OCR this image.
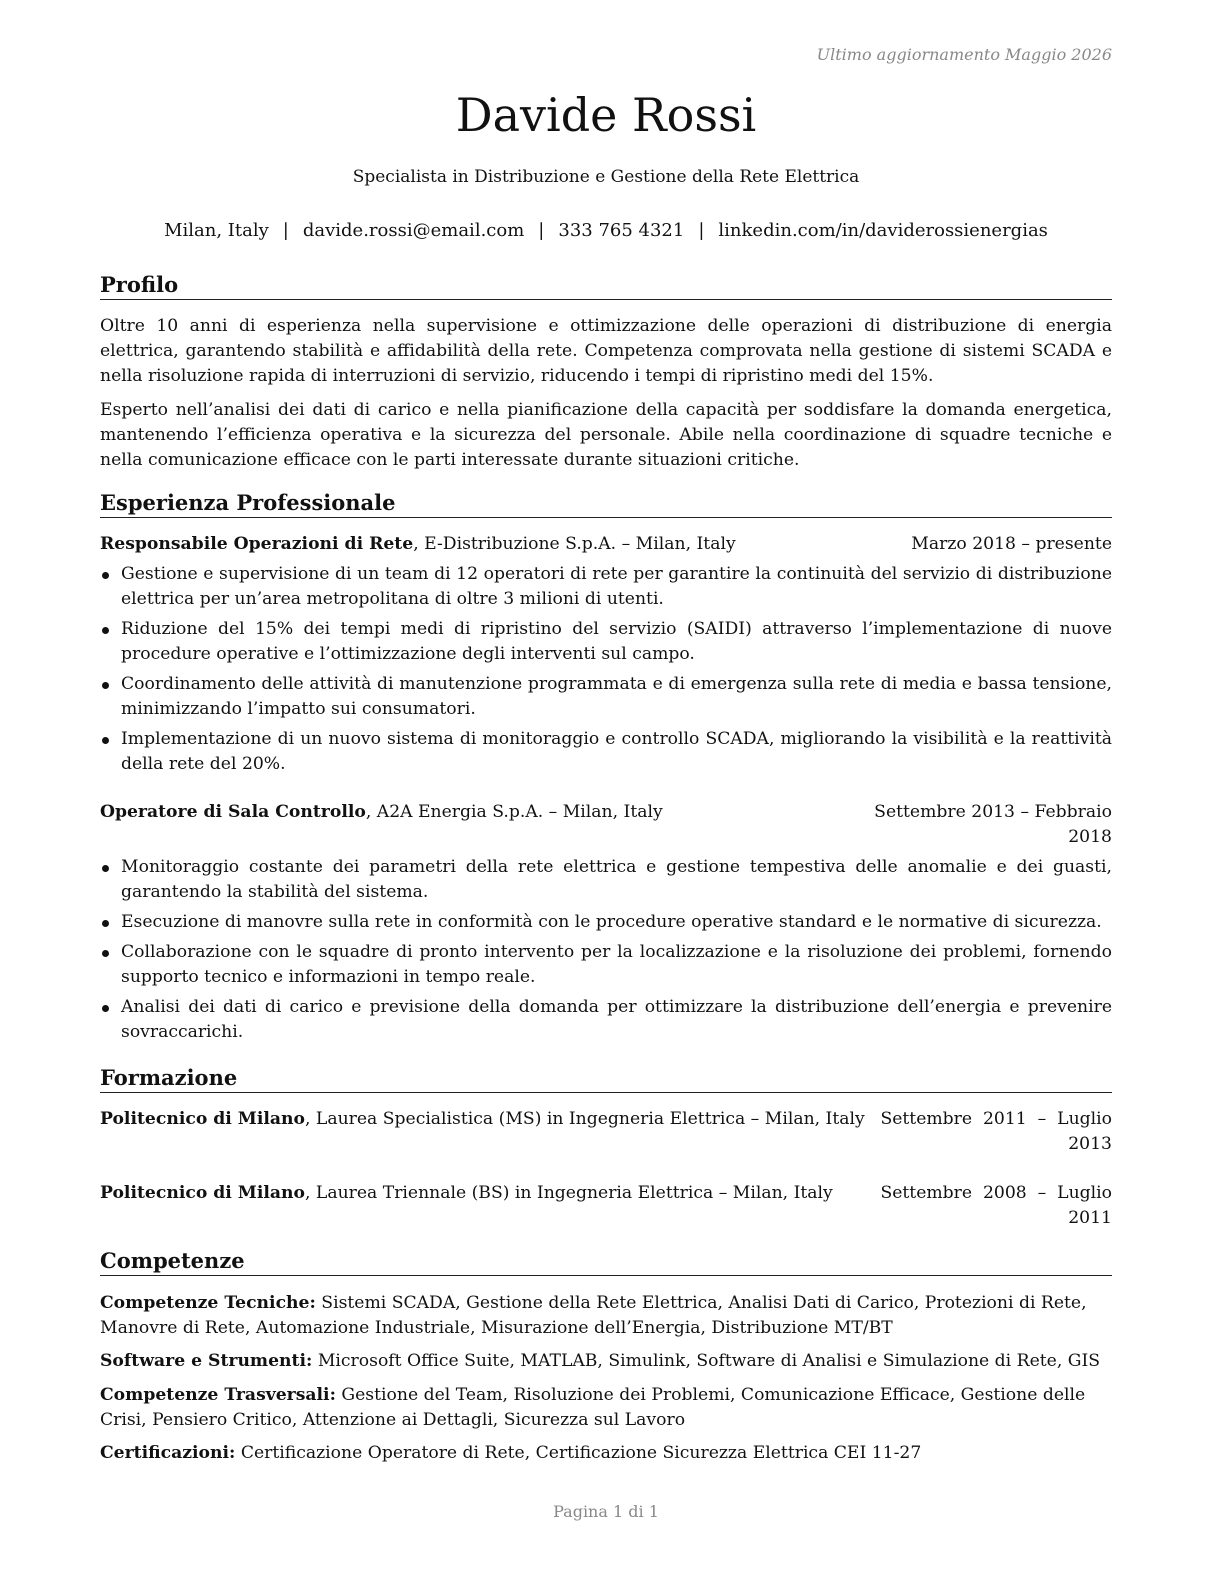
Ultimo aggiornamento Maggio 2026
Davide Rossi
Specialista in Distribuzione e Gestione della Rete Elettrica
Milan, Italy | davide.rossi@email.com | 333 765 4321 | linkedin.com/in/daviderossienergias
Profilo
Oltre 10 anni di esperienza nella supervisione e ottimizzazione delle operazioni di distribuzione di energia elettrica, garantendo stabilità e affidabilità della rete. Competenza comprovata nella gestione di sistemi SCADA e nella risoluzione rapida di interruzioni di servizio, riducendo i tempi di ripristino medi del 15%.
Esperto nell’analisi dei dati di carico e nella pianificazione della capacità per soddisfare la domanda energetica, mantenendo l’efficienza operativa e la sicurezza del personale. Abile nella coordinazione di squadre tecniche e nella comunicazione efficace con le parti interessate durante situazioni critiche.
Esperienza Professionale
Responsabile Operazioni di Rete, E-Distribuzione S.p.A. – Milan, Italy	Marzo 2018 – presente
Gestione e supervisione di un team di 12 operatori di rete per garantire la continuità del servizio di distribuzione elettrica per un’area metropolitana di oltre 3 milioni di utenti.
Riduzione del 15% dei tempi medi di ripristino del servizio (SAIDI) attraverso l’implementazione di nuove procedure operative e l’ottimizzazione degli interventi sul campo.
Coordinamento delle attività di manutenzione programmata e di emergenza sulla rete di media e bassa tensione, minimizzando l’impatto sui consumatori.
Implementazione di un nuovo sistema di monitoraggio e controllo SCADA, migliorando la visibilità e la reattività della rete del 20%.
Operatore di Sala Controllo, A2A Energia S.p.A. – Milan, Italy	Settembre 2013 – Febbraio
2018
Monitoraggio costante dei parametri della rete elettrica e gestione tempestiva delle anomalie e dei guasti, garantendo la stabilità del sistema.
Esecuzione di manovre sulla rete in conformità con le procedure operative standard e le normative di sicurezza.
Collaborazione con le squadre di pronto intervento per la localizzazione e la risoluzione dei problemi, fornendo supporto tecnico e informazioni in tempo reale.
Analisi dei dati di carico e previsione della domanda per ottimizzare la distribuzione dell’energia e prevenire sovraccarichi.
Formazione
Politecnico di Milano, Laurea Specialistica (MS) in Ingegneria Elettrica – Milan, Italy Settembre  2011  –  Luglio
2013
Politecnico di Milano, Laurea Triennale (BS) in Ingegneria Elettrica – Milan, Italy	Settembre  2008  –  Luglio
2011
Competenze
Competenze Tecniche: Sistemi SCADA, Gestione della Rete Elettrica, Analisi Dati di Carico, Protezioni di Rete, Manovre di Rete, Automazione Industriale, Misurazione dell’Energia, Distribuzione MT/BT
Software e Strumenti: Microsoft Office Suite, MATLAB, Simulink, Software di Analisi e Simulazione di Rete, GIS
Competenze Trasversali: Gestione del Team, Risoluzione dei Problemi, Comunicazione Efficace, Gestione delle Crisi, Pensiero Critico, Attenzione ai Dettagli, Sicurezza sul Lavoro
Certificazioni: Certificazione Operatore di Rete, Certificazione Sicurezza Elettrica CEI 11-27
Pagina 1 di 1
